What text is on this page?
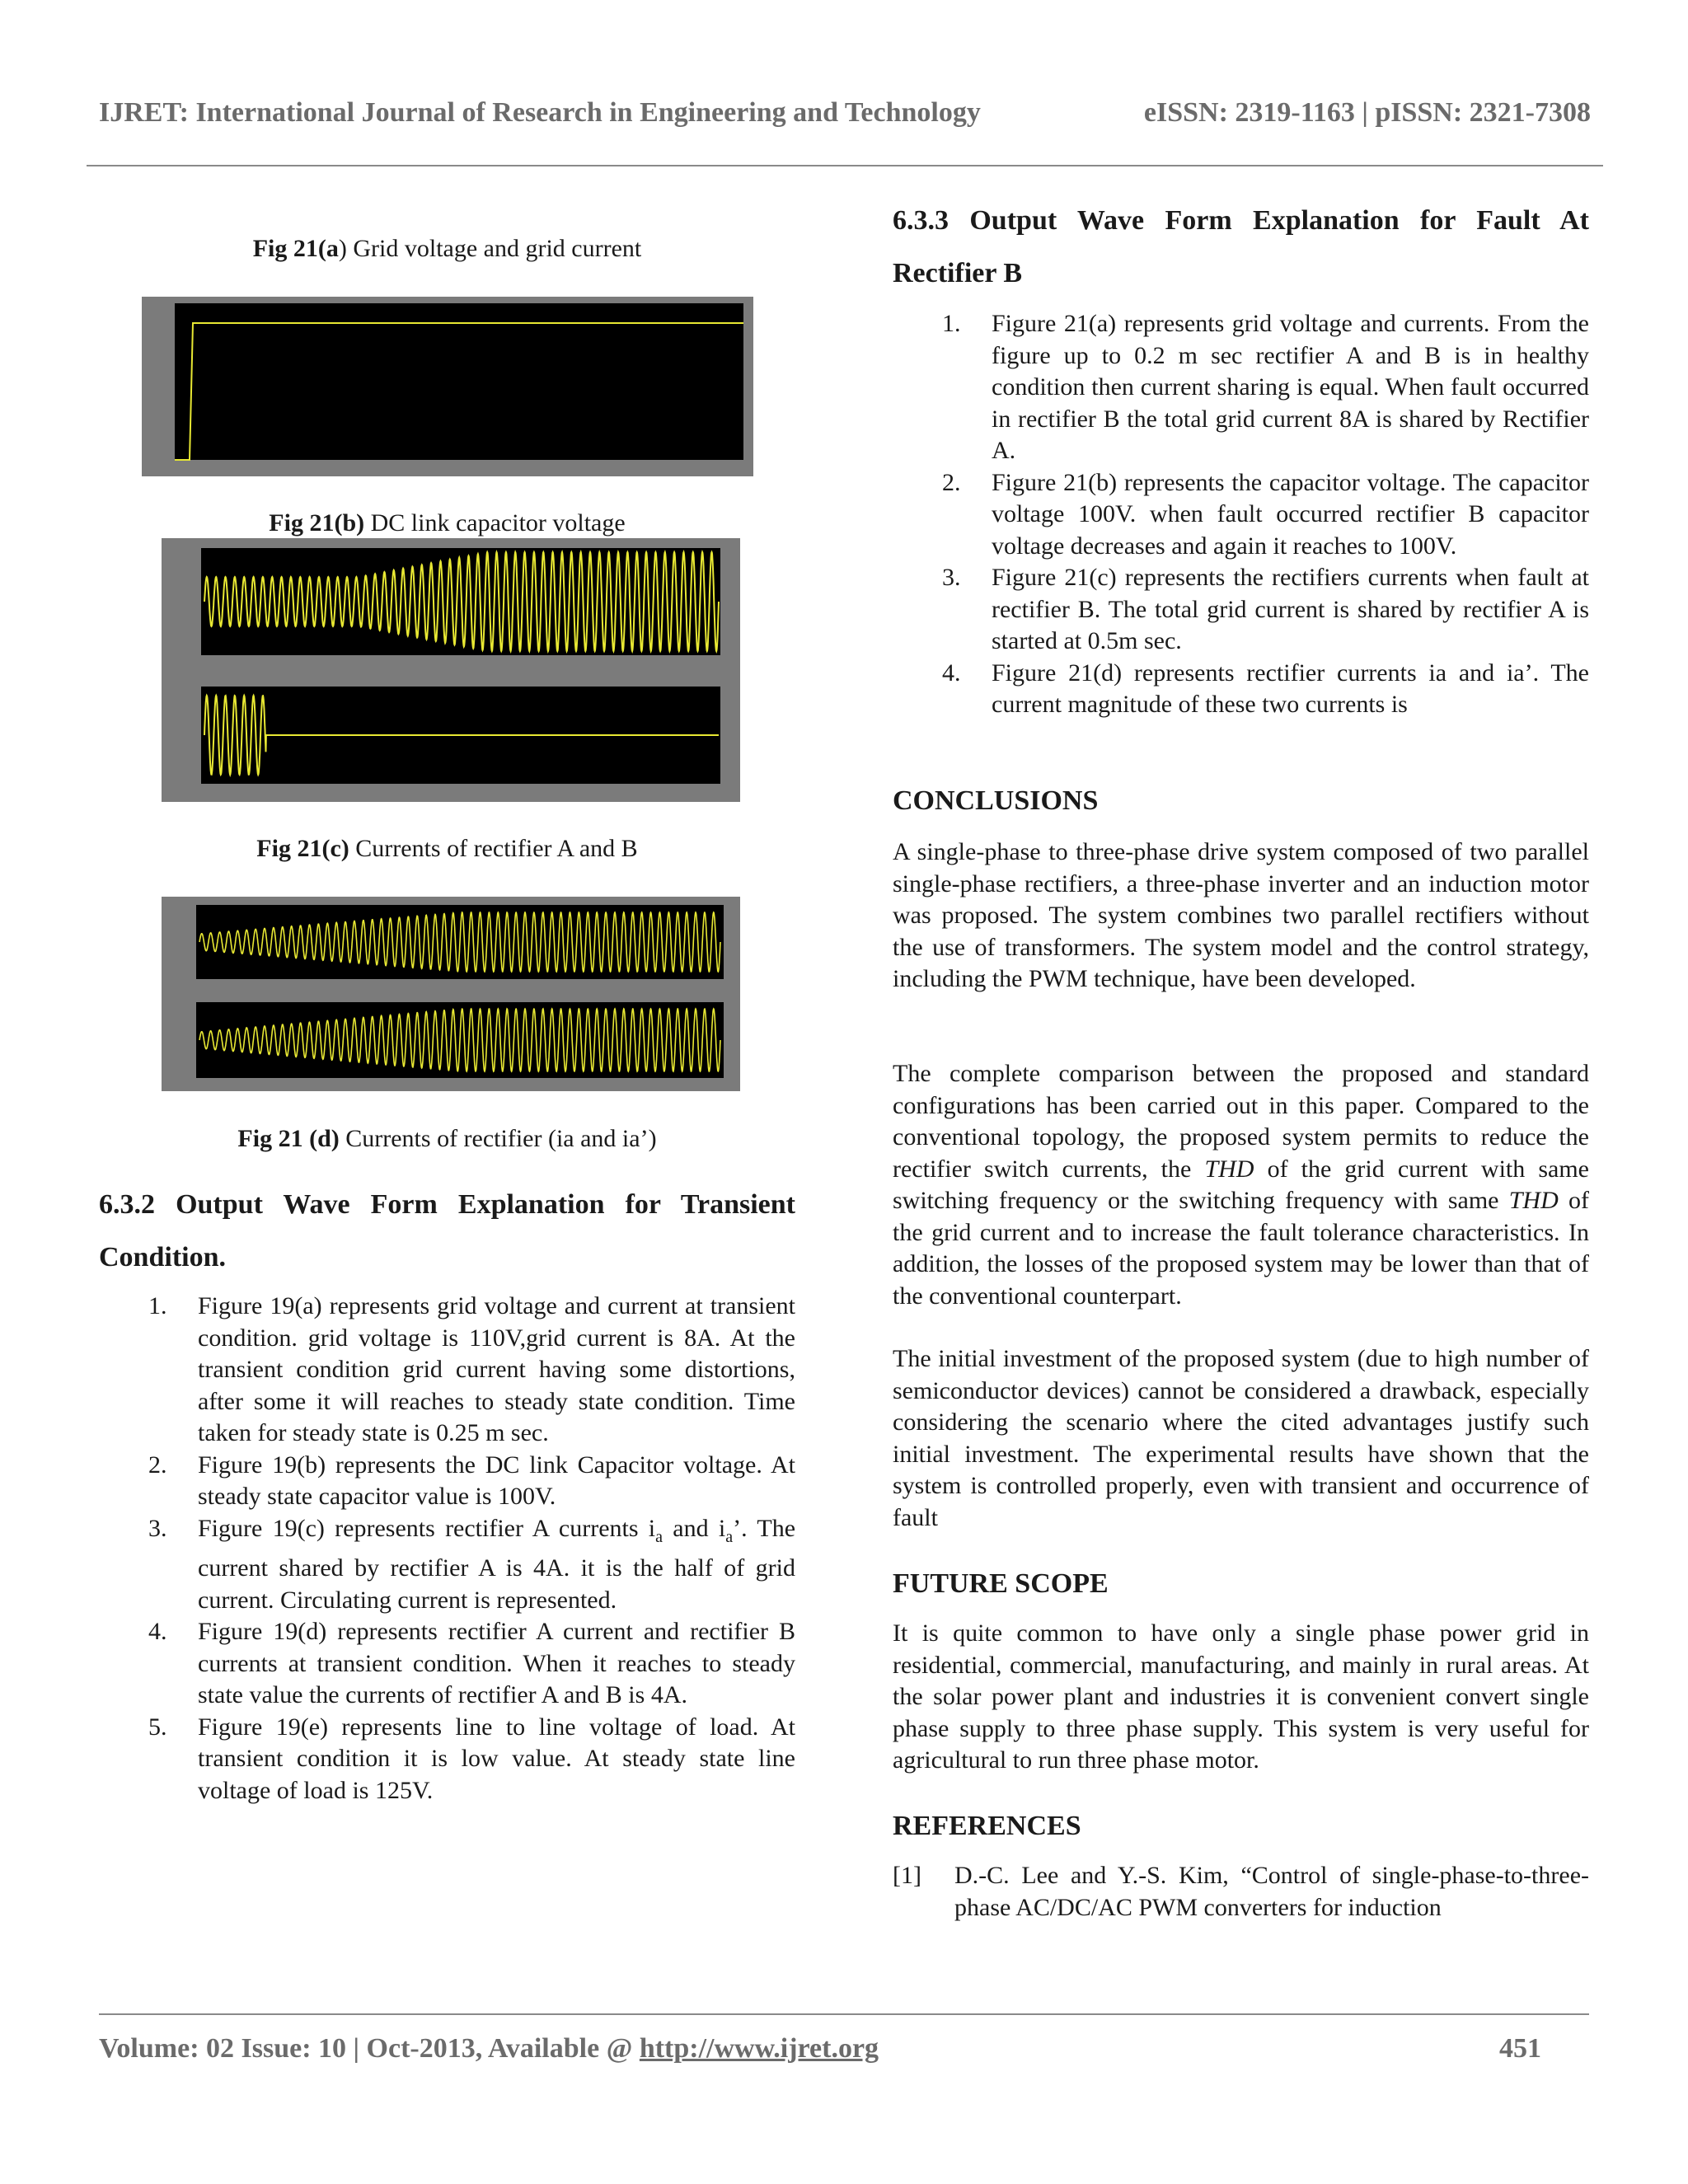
IJRET: International Journal of Research in Engineering and Technology	eISSN: 2319-1163 | pISSN: 2321-7308
Fig 21(a) Grid voltage and grid current
Fig 21(b) DC link capacitor voltage
Fig 21(c) Currents of rectifier A and B
Fig 21 (d) Currents of rectifier (ia and ia’)
6.3.2 Output Wave Form Explanation for Transient Condition.
1. Figure 19(a) represents grid voltage and current at transient condition. grid voltage is 110V,grid current is 8A. At the transient condition grid current having some distortions, after some it will reaches to steady state condition. Time taken for steady state is 0.25 m sec.
2. Figure 19(b) represents the DC link Capacitor voltage. At steady state capacitor value is 100V.
3. Figure 19(c) represents rectifier A currents $i_a$ and $i_a$’. The current shared by rectifier A is 4A. it is the half of grid current. Circulating current is represented.
4. Figure 19(d) represents rectifier A current and rectifier B currents at transient condition. When it reaches to steady state value the currents of rectifier A and B is 4A.
5. Figure 19(e) represents line to line voltage of load. At transient condition it is low value. At steady state line voltage of load is 125V.
6.3.3 Output Wave Form Explanation for Fault At Rectifier B
1. Figure 21(a) represents grid voltage and currents. From the figure up to 0.2 m sec rectifier A and B is in healthy condition then current sharing is equal. When fault occurred in rectifier B the total grid current 8A is shared by Rectifier A.
2. Figure 21(b) represents the capacitor voltage. The capacitor voltage 100V. when fault occurred rectifier B capacitor voltage decreases and again it reaches to 100V.
3. Figure 21(c) represents the rectifiers currents when fault at rectifier B. The total grid current is shared by rectifier A is started at 0.5m sec.
4. Figure 21(d) represents rectifier currents ia and ia’. The current magnitude of these two currents is
CONCLUSIONS
A single-phase to three-phase drive system composed of two parallel single-phase rectifiers, a three-phase inverter and an induction motor was proposed. The system combines two parallel rectifiers without the use of transformers. The system model and the control strategy, including the PWM technique, have been developed.
The complete comparison between the proposed and standard configurations has been carried out in this paper. Compared to the conventional topology, the proposed system permits to reduce the rectifier switch currents, the THD of the grid current with same switching frequency or the switching frequency with same THD of the grid current and to increase the fault tolerance characteristics. In addition, the losses of the proposed system may be lower than that of the conventional counterpart.
The initial investment of the proposed system (due to high number of semiconductor devices) cannot be considered a drawback, especially considering the scenario where the cited advantages justify such initial investment. The experimental results have shown that the system is controlled properly, even with transient and occurrence of fault
FUTURE SCOPE
It is quite common to have only a single phase power grid in residential, commercial, manufacturing, and mainly in rural areas. At the solar power plant and industries it is convenient convert single phase supply to three phase supply. This system is very useful for agricultural to run three phase motor.
REFERENCES
[1] D.-C. Lee and Y.-S. Kim, “Control of single-phase-to-three-phase AC/DC/AC PWM converters for induction
Volume: 02 Issue: 10 | Oct-2013, Available @ http://www.ijret.org	451
